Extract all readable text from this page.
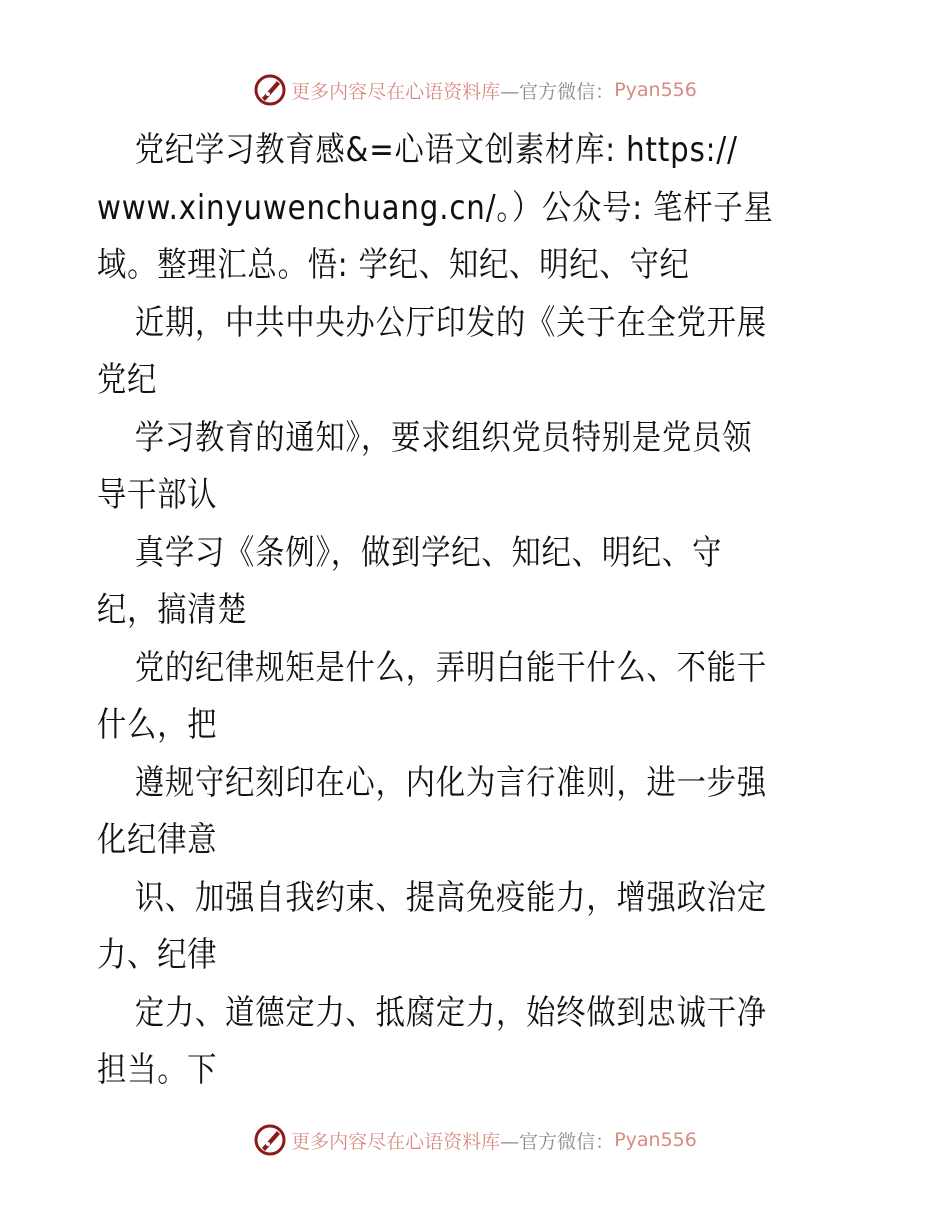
更多内容尽在心语资料库 —官方微信： Pyan556
党纪学习教育感&=心语文创素材库: https://
www.xinyuwenchuang.cn/。）公众号: 笔杆子星
域。整理汇总。悟: 学纪、知纪、明纪、守纪
近期，中共中央办公厅印发的《关于在全党开展
党纪
学习教育的通知》，要求组织党员特别是党员领
导干部认
真学习《条例》，做到学纪、知纪、明纪、守
纪，搞清楚
党的纪律规矩是什么，弄明白能干什么、不能干
什么，把
遵规守纪刻印在心，内化为言行准则，进一步强
化纪律意
识、加强自我约束、提高免疫能力，增强政治定
力、纪律
定力、道德定力、抵腐定力，始终做到忠诚干净
担当。下
更多内容尽在心语资料库 —官方微信： Pyan556
